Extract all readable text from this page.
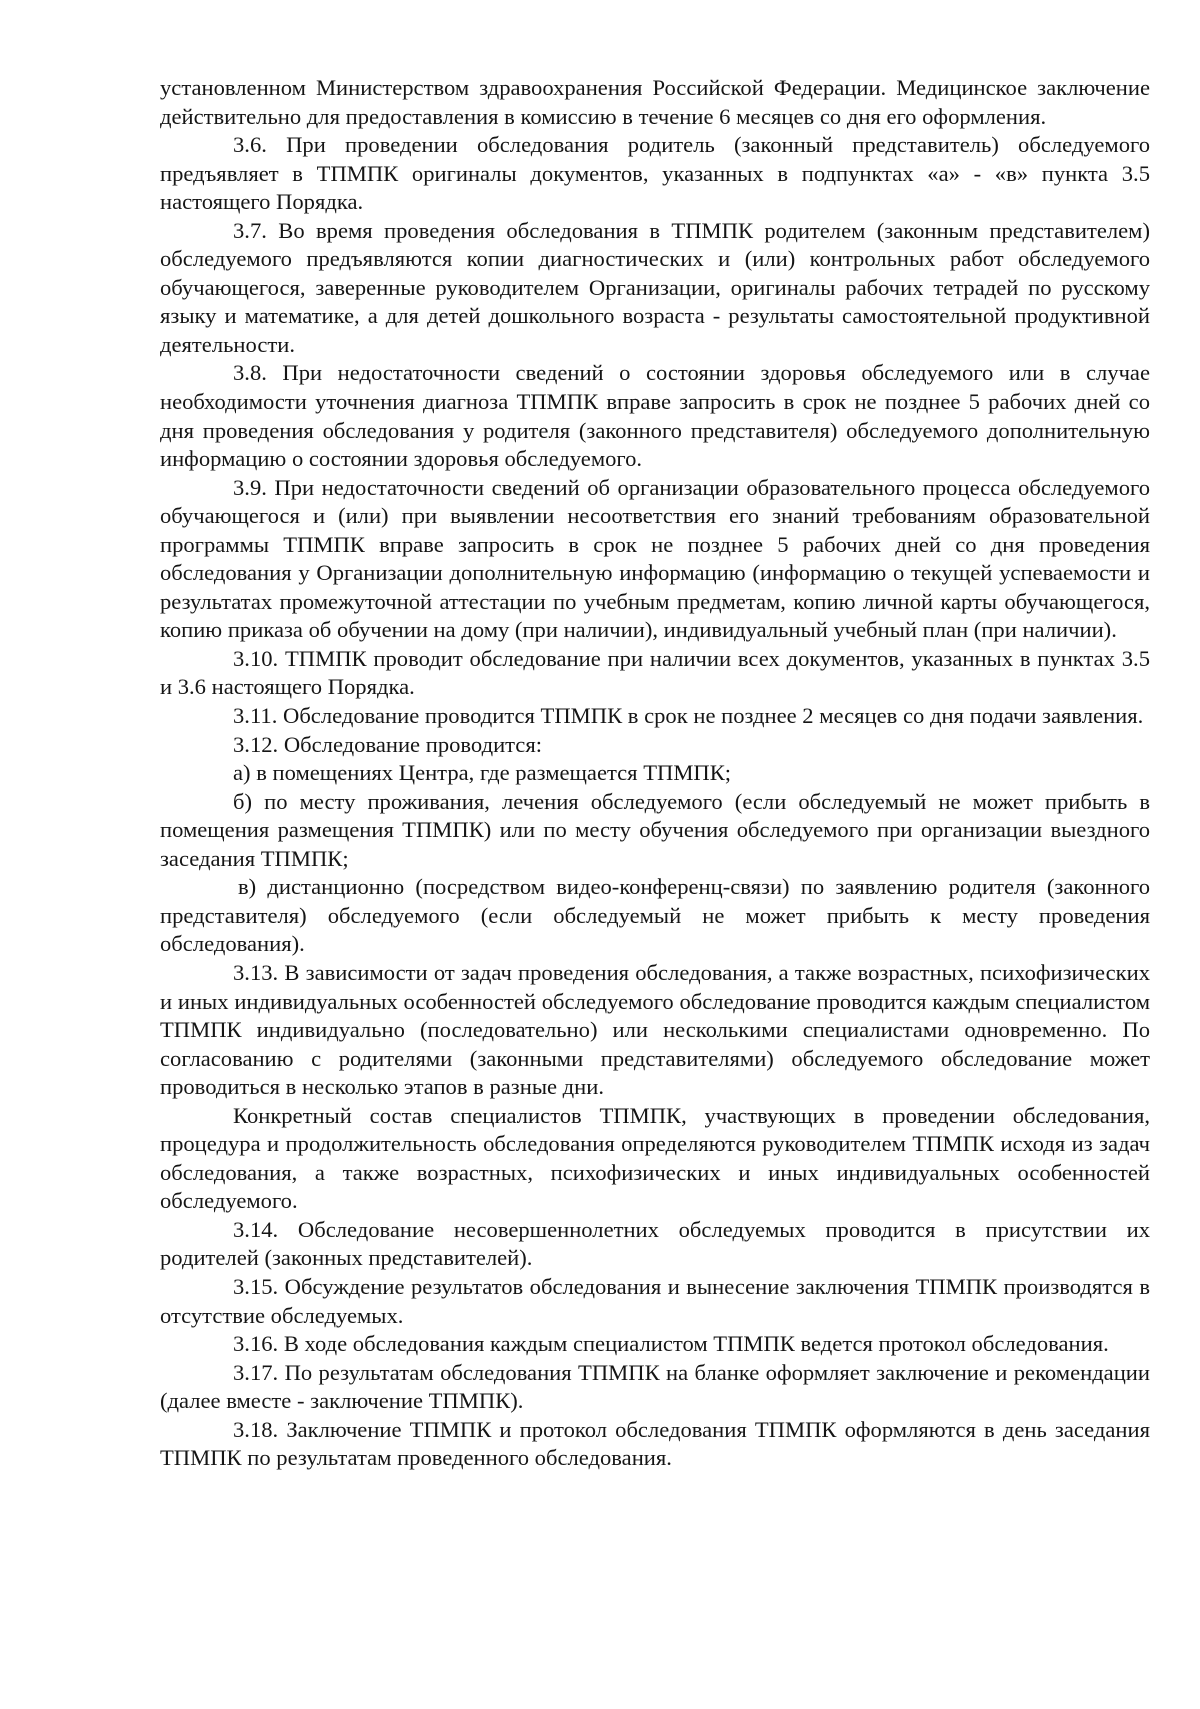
установленном Министерством здравоохранения Российской Федерации. Медицинское заключение действительно для предоставления в комиссию в течение 6 месяцев со дня его оформления.

3.6. При проведении обследования родитель (законный представитель) обследуемого предъявляет в ТПМПК оригиналы документов, указанных в подпунктах «а» - «в» пункта 3.5 настоящего Порядка.

3.7. Во время проведения обследования в ТПМПК родителем (законным представителем) обследуемого предъявляются копии диагностических и (или) контрольных работ обследуемого обучающегося, заверенные руководителем Организации, оригиналы рабочих тетрадей по русскому языку и математике, а для детей дошкольного возраста - результаты самостоятельной продуктивной деятельности.

3.8. При недостаточности сведений о состоянии здоровья обследуемого или в случае необходимости уточнения диагноза ТПМПК вправе запросить в срок не позднее 5 рабочих дней со дня проведения обследования у родителя (законного представителя) обследуемого дополнительную информацию о состоянии здоровья обследуемого.

3.9. При недостаточности сведений об организации образовательного процесса обследуемого обучающегося и (или) при выявлении несоответствия его знаний требованиям образовательной программы ТПМПК вправе запросить в срок не позднее 5 рабочих дней со дня проведения обследования у Организации дополнительную информацию (информацию о текущей успеваемости и результатах промежуточной аттестации по учебным предметам, копию личной карты обучающегося, копию приказа об обучении на дому (при наличии), индивидуальный учебный план (при наличии).

3.10. ТПМПК проводит обследование при наличии всех документов, указанных в пунктах 3.5 и 3.6 настоящего Порядка.

3.11. Обследование проводится ТПМПК в срок не позднее 2 месяцев со дня подачи заявления.

3.12. Обследование проводится:

а) в помещениях Центра, где размещается ТПМПК;

б) по месту проживания, лечения обследуемого (если обследуемый не может прибыть в помещения размещения ТПМПК) или по месту обучения обследуемого при организации выездного заседания ТПМПК;

в) дистанционно (посредством видео-конференц-связи) по заявлению родителя (законного представителя) обследуемого (если обследуемый не может прибыть к месту проведения обследования).

3.13. В зависимости от задач проведения обследования, а также возрастных, психофизических и иных индивидуальных особенностей обследуемого обследование проводится каждым специалистом ТПМПК индивидуально (последовательно) или несколькими специалистами одновременно. По согласованию с родителями (законными представителями) обследуемого обследование может проводиться в несколько этапов в разные дни.

Конкретный состав специалистов ТПМПК, участвующих в проведении обследования, процедура и продолжительность обследования определяются руководителем ТПМПК исходя из задач обследования, а также возрастных, психофизических и иных индивидуальных особенностей обследуемого.

3.14. Обследование несовершеннолетних обследуемых проводится в присутствии их родителей (законных представителей).

3.15. Обсуждение результатов обследования и вынесение заключения ТПМПК производятся в отсутствие обследуемых.

3.16. В ходе обследования каждым специалистом ТПМПК ведется протокол обследования.

3.17. По результатам обследования ТПМПК на бланке оформляет заключение и рекомендации (далее вместе - заключение ТПМПК).

3.18. Заключение ТПМПК и протокол обследования ТПМПК оформляются в день заседания ТПМПК по результатам проведенного обследования.
